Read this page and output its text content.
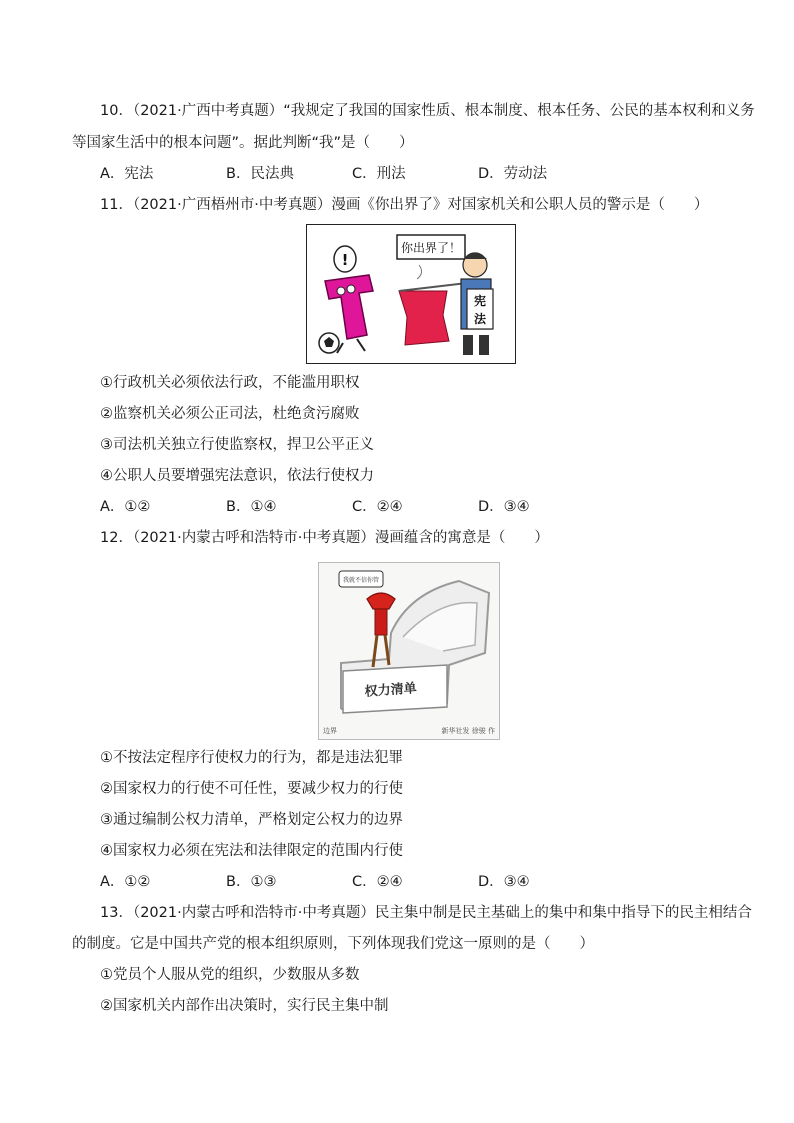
10．（2021·广西中考真题）“我规定了我国的国家性质、根本制度、根本任务、公民的基本权利和义务
等国家生活中的根本问题”。据此判断“我”是（　　）
A．宪法	B．民法典	C．刑法	D．劳动法
11．（2021·广西梧州市·中考真题）漫画《你出界了》对国家机关和公职人员的警示是（　　）
你出界了！
!
宪
法
①行政机关必须依法行政，不能滥用职权
②监察机关必须公正司法，杜绝贪污腐败
③司法机关独立行使监察权，捍卫公平正义
④公职人员要增强宪法意识，依法行使权力
A．①②	B．①④	C．②④	D．③④
12．（2021·内蒙古呼和浩特市·中考真题）漫画蕴含的寓意是（　　）
权力清单
我就不信你管
边界	新华社发 徐骏 作
①不按法定程序行使权力的行为，都是违法犯罪
②国家权力的行使不可任性，要减少权力的行使
③通过编制公权力清单，严格划定公权力的边界
④国家权力必须在宪法和法律限定的范围内行使
A．①②	B．①③	C．②④	D．③④
13．（2021·内蒙古呼和浩特市·中考真题）民主集中制是民主基础上的集中和集中指导下的民主相结合
的制度。它是中国共产党的根本组织原则，下列体现我们党这一原则的是（　　）
①党员个人服从党的组织，少数服从多数
②国家机关内部作出决策时，实行民主集中制
